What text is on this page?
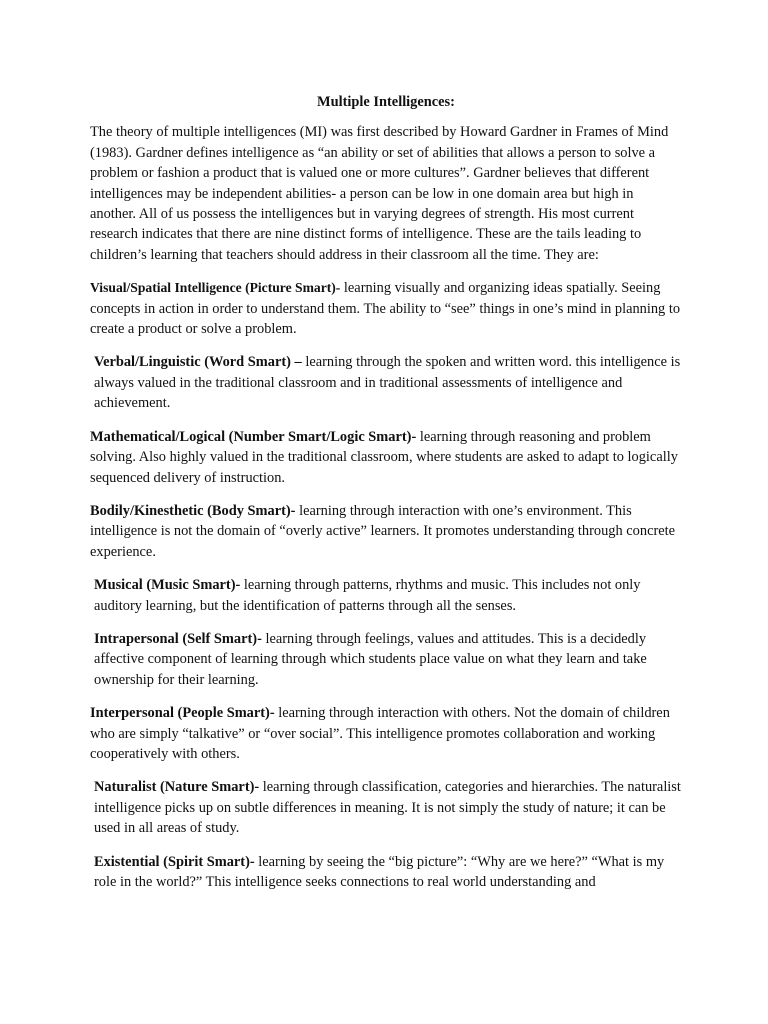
Multiple Intelligences:
The theory of multiple intelligences (MI) was first described by Howard Gardner in Frames of Mind (1983). Gardner defines intelligence as “an ability or set of abilities that allows a person to solve a problem or fashion a product that is valued one or more cultures”. Gardner believes that different intelligences may be independent abilities- a person can be low in one domain area but high in another. All of us possess the intelligences but in varying degrees of strength. His most current research indicates that there are nine distinct forms of intelligence. These are the tails leading to children’s learning that teachers should address in their classroom all the time. They are:
Visual/Spatial Intelligence (Picture Smart)- learning visually and organizing ideas spatially. Seeing concepts in action in order to understand them. The ability to “see” things in one’s mind in planning to create a product or solve a problem.
Verbal/Linguistic (Word Smart) – learning through the spoken and written word. this intelligence is always valued in the traditional classroom and in traditional assessments of intelligence and achievement.
Mathematical/Logical (Number Smart/Logic Smart)- learning through reasoning and problem solving. Also highly valued in the traditional classroom, where students are asked to adapt to logically sequenced delivery of instruction.
Bodily/Kinesthetic (Body Smart)- learning through interaction with one’s environment. This intelligence is not the domain of “overly active” learners. It promotes understanding through concrete experience.
Musical (Music Smart)- learning through patterns, rhythms and music. This includes not only auditory learning, but the identification of patterns through all the senses.
Intrapersonal (Self Smart)- learning through feelings, values and attitudes. This is a decidedly affective component of learning through which students place value on what they learn and take ownership for their learning.
Interpersonal (People Smart)- learning through interaction with others. Not the domain of children who are simply “talkative” or “over social”. This intelligence promotes collaboration and working cooperatively with others.
Naturalist (Nature Smart)- learning through classification, categories and hierarchies. The naturalist intelligence picks up on subtle differences in meaning. It is not simply the study of nature; it can be used in all areas of study.
Existential (Spirit Smart)- learning by seeing the “big picture”: “Why are we here?” “What is my role in the world?” This intelligence seeks connections to real world understanding and
